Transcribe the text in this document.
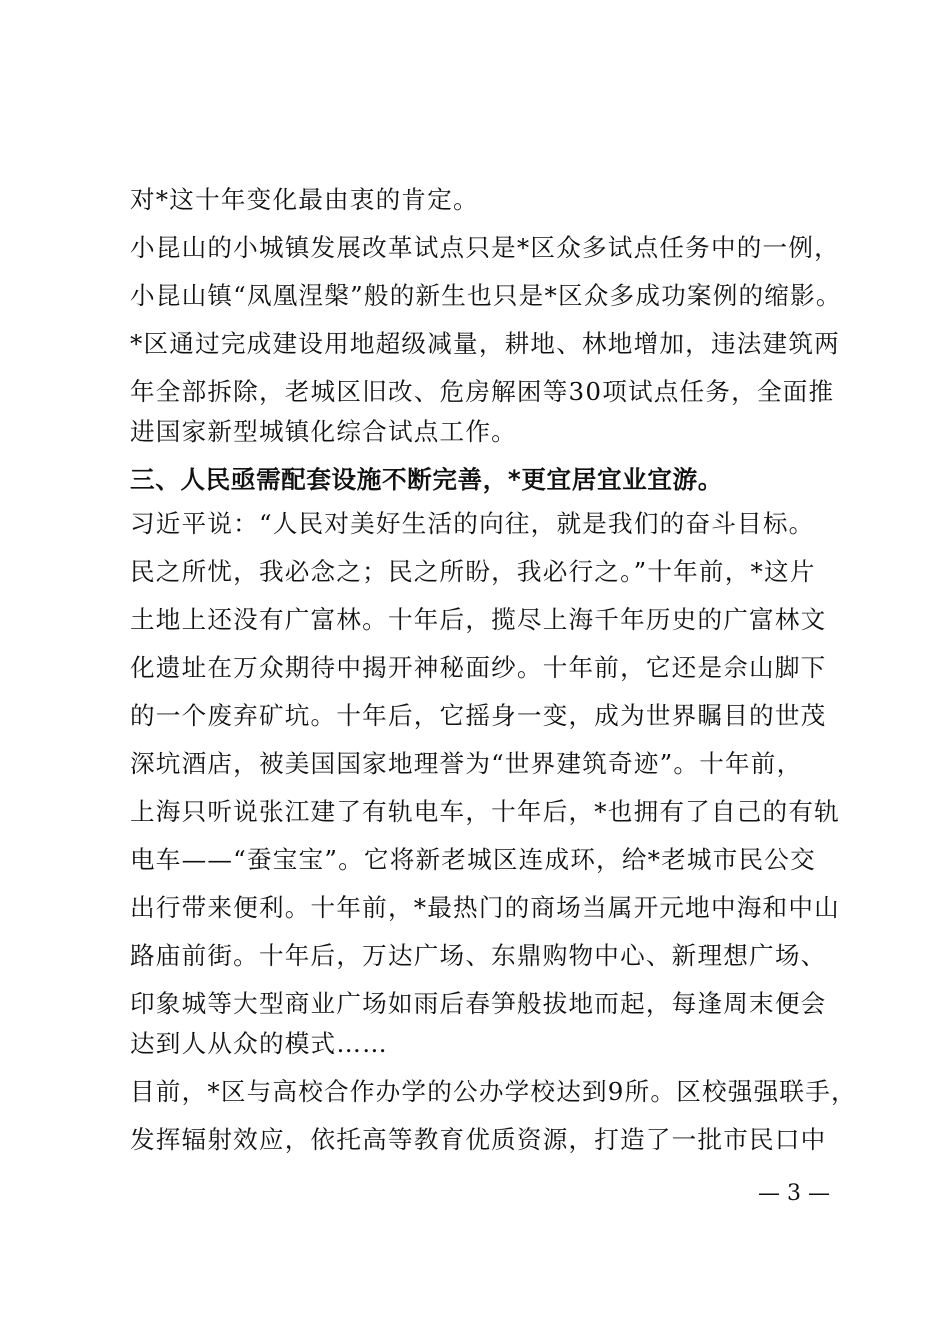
对*这十年变化最由衷的肯定。
小昆山的小城镇发展改革试点只是*区众多试点任务中的一例，
小昆山镇“凤凰涅槃”般的新生也只是*区众多成功案例的缩影。
*区通过完成建设用地超级减量，耕地、林地增加，违法建筑两
年全部拆除，老城区旧改、危房解困等30项试点任务，全面推
进国家新型城镇化综合试点工作。
三、人民亟需配套设施不断完善，*更宜居宜业宜游。
习近平说：“人民对美好生活的向往，就是我们的奋斗目标。
民之所忧，我必念之；民之所盼，我必行之。”十年前，*这片
土地上还没有广富林。十年后，揽尽上海千年历史的广富林文
化遗址在万众期待中揭开神秘面纱。十年前，它还是佘山脚下
的一个废弃矿坑。十年后，它摇身一变，成为世界瞩目的世茂
深坑酒店，被美国国家地理誉为“世界建筑奇迹”。十年前，
上海只听说张江建了有轨电车，十年后，*也拥有了自己的有轨
电车——“蚕宝宝”。它将新老城区连成环，给*老城市民公交
出行带来便利。十年前，*最热门的商场当属开元地中海和中山
路庙前街。十年后，万达广场、东鼎购物中心、新理想广场、
印象城等大型商业广场如雨后春笋般拔地而起，每逢周末便会
达到人从众的模式……
目前，*区与高校合作办学的公办学校达到9所。区校强强联手，
发挥辐射效应，依托高等教育优质资源，打造了一批市民口中
— 3 —
